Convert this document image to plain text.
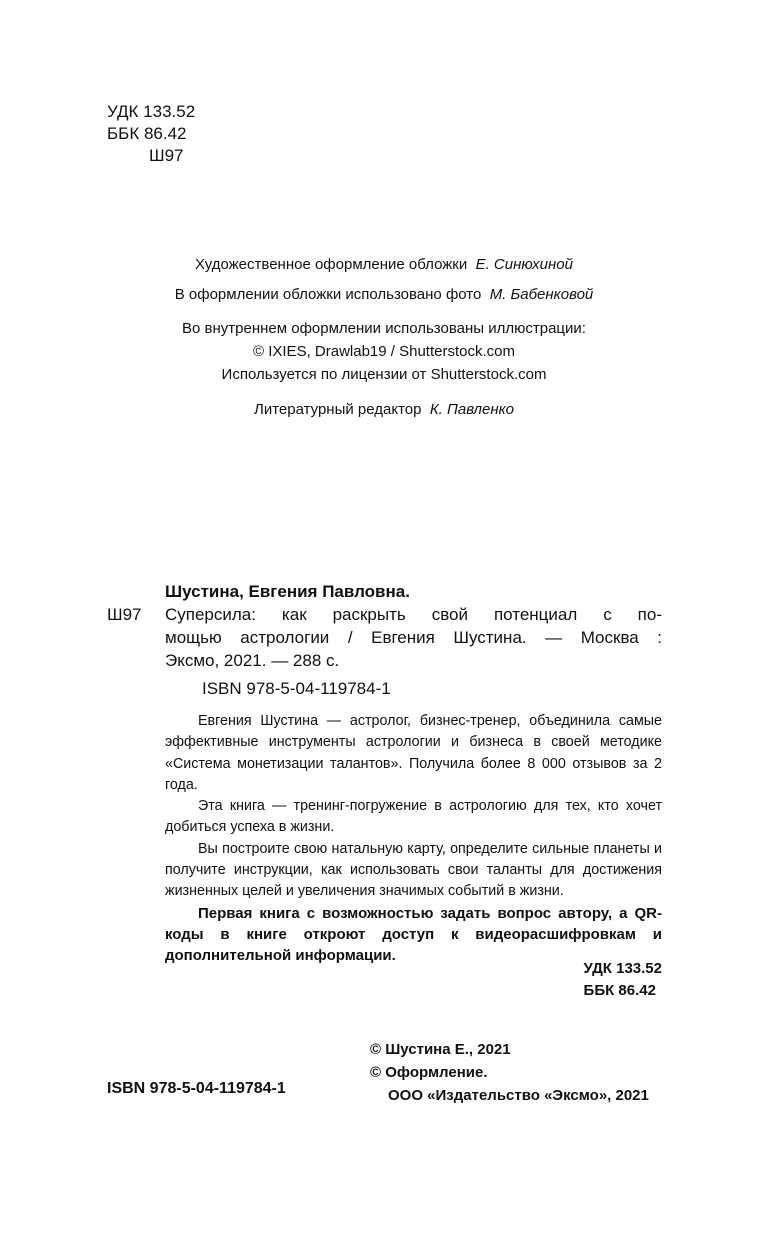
УДК 133.52
ББК 86.42
Ш97
Художественное оформление обложки Е. Синюхиной
В оформлении обложки использовано фото М. Бабенковой
Во внутреннем оформлении использованы иллюстрации:
© IXIES, Drawlab19 / Shutterstock.com
Используется по лицензии от Shutterstock.com
Литературный редактор К. Павленко
Шустина, Евгения Павловна.
Ш97 Суперсила: как раскрыть свой потенциал с по-
мощью астрологии / Евгения Шустина. — Москва :
Эксмо, 2021. — 288 с.
ISBN 978-5-04-119784-1

Евгения Шустина — астролог, бизнес-тренер, объединила самые эффективные инструменты астрологии и бизнеса в своей методике «Система монетизации талантов». Получила более 8 000 отзывов за 2 года.

Эта книга — тренинг-погружение в астрологию для тех, кто хочет добиться успеха в жизни.

Вы построите свою натальную карту, определите сильные планеты и получите инструкции, как использовать свои таланты для достижения жизненных целей и увеличения значимых событий в жизни.

Первая книга с возможностью задать вопрос автору, а QR-коды в книге откроют доступ к видеорасшифровкам и дополнительной информации.

УДК 133.52
ББК 86.42
© Шустина Е., 2021
© Оформление.
ООО «Издательство «Эксмо», 2021
ISBN 978-5-04-119784-1
